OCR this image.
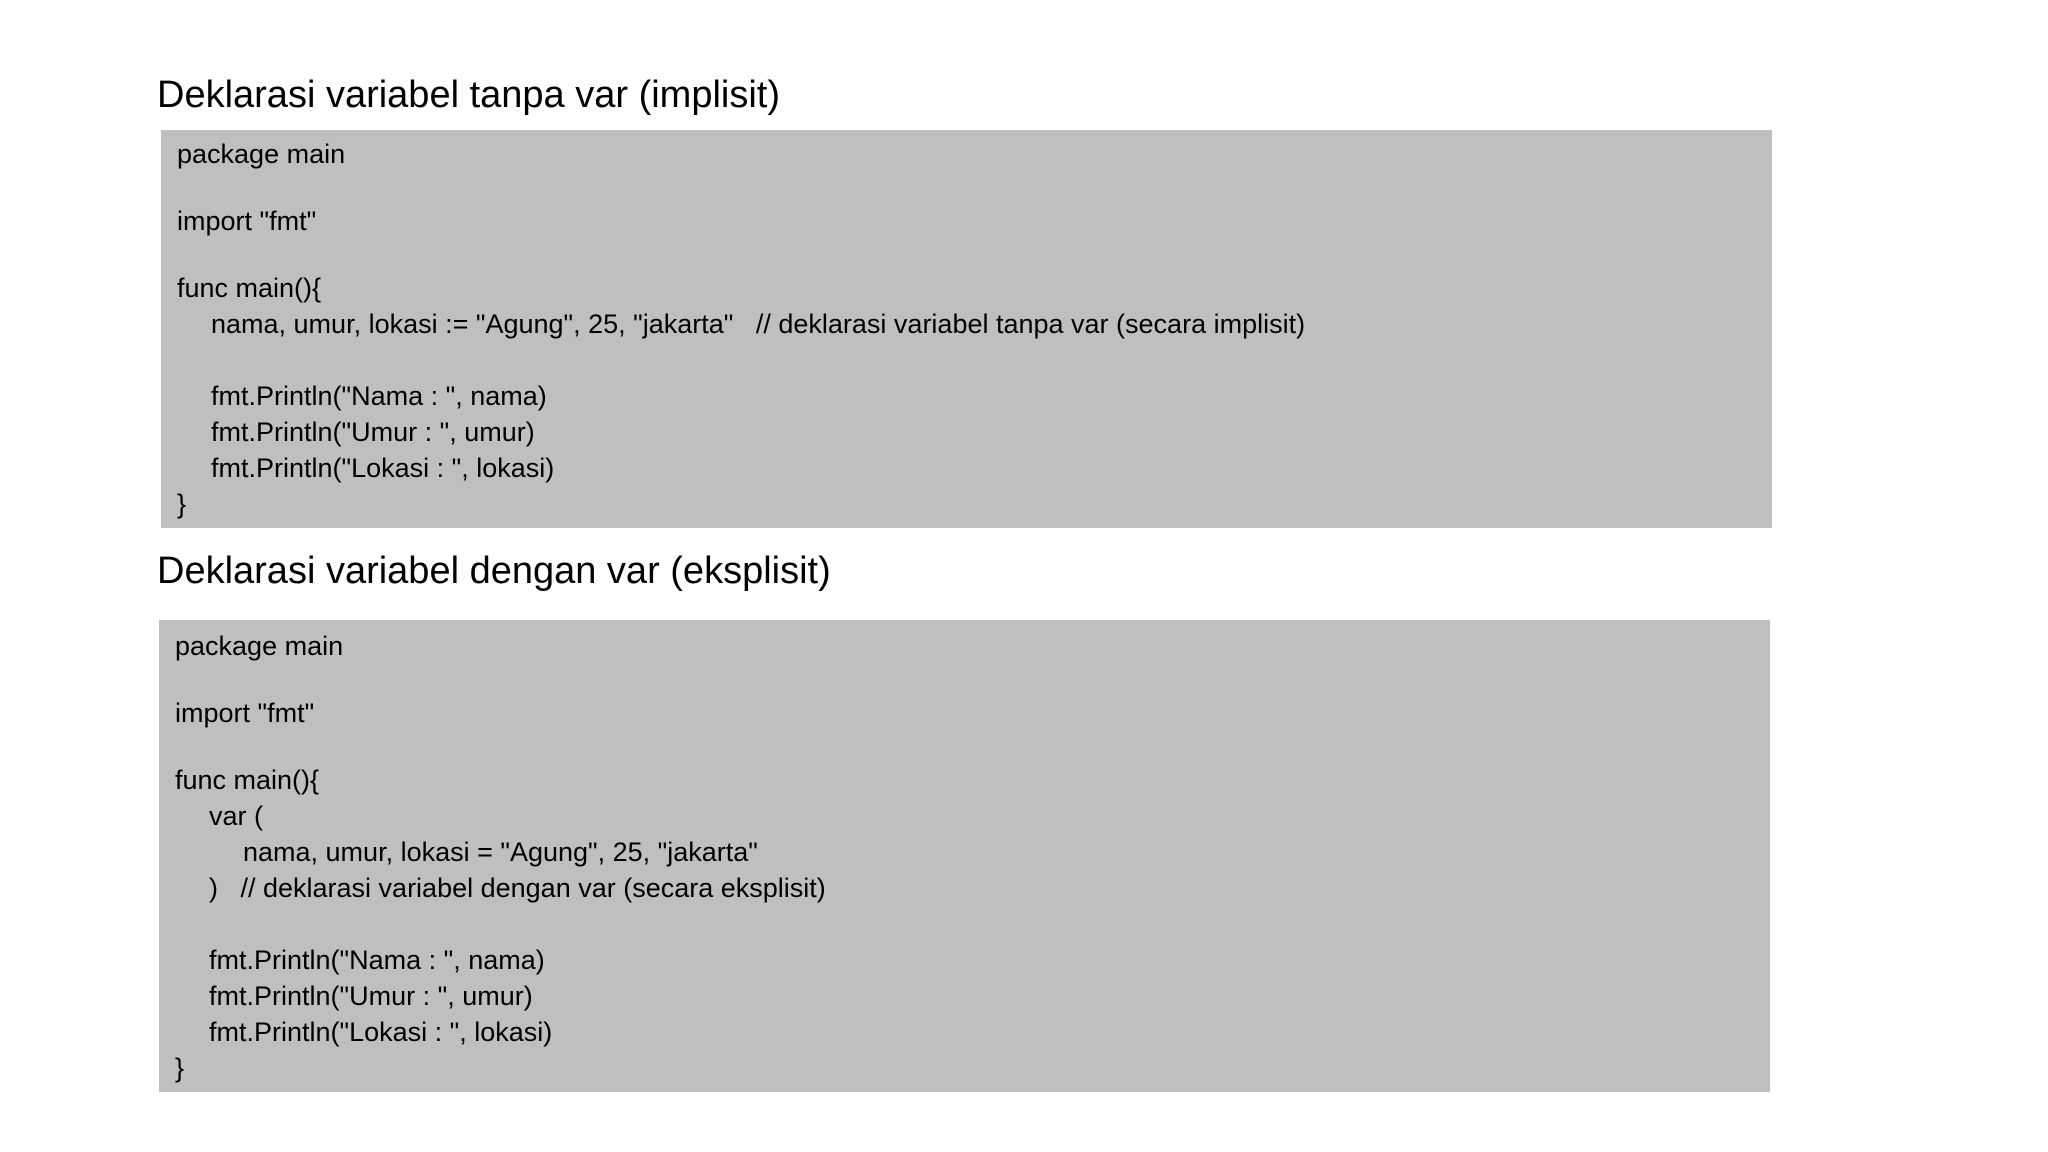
Deklarasi variabel tanpa var (implisit)
package main
import "fmt"
func main(){
nama, umur, lokasi := "Agung", 25, "jakarta"   // deklarasi variabel tanpa var (secara implisit)
fmt.Println("Nama : ", nama)
fmt.Println("Umur : ", umur)
fmt.Println("Lokasi : ", lokasi)
}
Deklarasi variabel dengan var (eksplisit)
package main
import "fmt"
func main(){
var (
nama, umur, lokasi = "Agung", 25, "jakarta"
)   // deklarasi variabel dengan var (secara eksplisit)
fmt.Println("Nama : ", nama)
fmt.Println("Umur : ", umur)
fmt.Println("Lokasi : ", lokasi)
}
